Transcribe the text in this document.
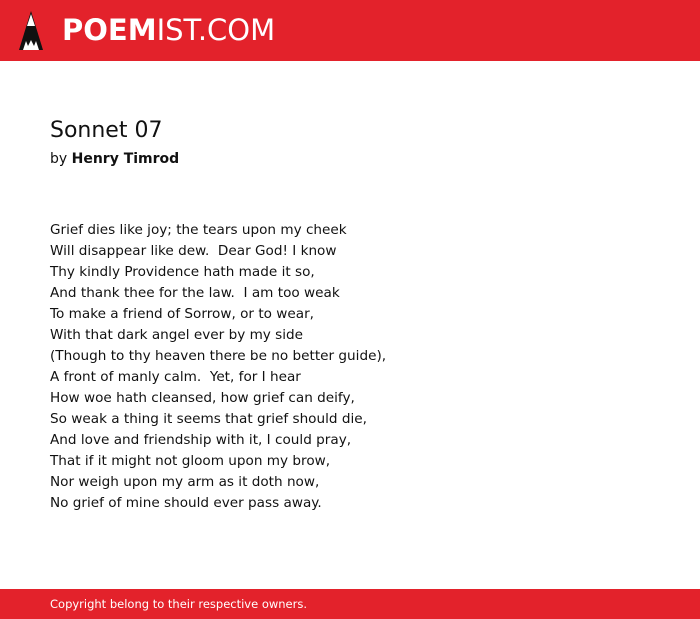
POEMIST.COM
Sonnet 07
by Henry Timrod
Grief dies like joy; the tears upon my cheek
Will disappear like dew.  Dear God! I know
Thy kindly Providence hath made it so,
And thank thee for the law.  I am too weak
To make a friend of Sorrow, or to wear,
With that dark angel ever by my side
(Though to thy heaven there be no better guide),
A front of manly calm.  Yet, for I hear
How woe hath cleansed, how grief can deify,
So weak a thing it seems that grief should die,
And love and friendship with it, I could pray,
That if it might not gloom upon my brow,
Nor weigh upon my arm as it doth now,
No grief of mine should ever pass away.
Copyright belong to their respective owners.
